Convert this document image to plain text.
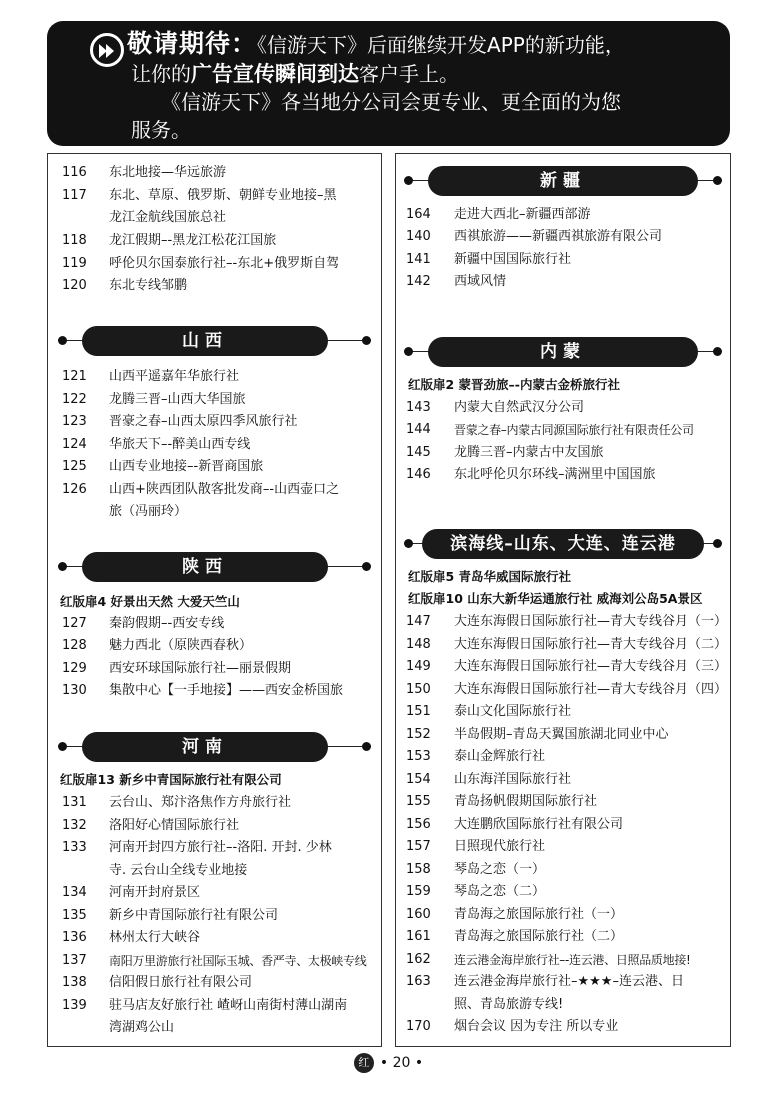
敬请期待：《信游天下》后面继续开发APP的新功能，
让你的广告宣传瞬间到达客户手上。
《信游天下》各当地分公司会更专业、更全面的为您
服务。
116	东北地接—华远旅游
117	东北、草原、俄罗斯、朝鲜专业地接–黑
龙江金航线国旅总社
118	龙江假期–-黑龙江松花江国旅
119	呼伦贝尔国泰旅行社–-东北+俄罗斯自驾
120	东北专线邹鹏
山西
121	山西平遥嘉年华旅行社
122	龙腾三晋–山西大华国旅
123	晋豪之春–山西太原四季风旅行社
124	华旅天下–-醉美山西专线
125	山西专业地接–-新晋商国旅
126	山西+陕西团队散客批发商–-山西壶口之
旅（冯丽玲）
陕西
红版扉4 好景出天然 大爱天竺山
127	秦韵假期–-西安专线
128	魅力西北（原陕西春秋）
129	西安环球国际旅行社—丽景假期
130	集散中心【一手地接】——西安金桥国旅
河南
红版扉13 新乡中青国际旅行社有限公司
131	云台山、郑汴洛焦作方舟旅行社
132	洛阳好心情国际旅行社
133	河南开封四方旅行社–-洛阳. 开封. 少林
寺. 云台山全线专业地接
134	河南开封府景区
135	新乡中青国际旅行社有限公司
136	林州太行大峡谷
137	南阳万里游旅行社国际玉城、香严寺、太极峡专线
138	信阳假日旅行社有限公司
139	驻马店友好旅行社 嵖岈山南街村薄山湖南
湾湖鸡公山
新疆
164	走进大西北–新疆西部游
140	西祺旅游——新疆西祺旅游有限公司
141	新疆中国国际旅行社
142	西域风情
内蒙
红版扉2 蒙晋劲旅–-内蒙古金桥旅行社
143	内蒙大自然武汉分公司
144	晋蒙之春–内蒙古同源国际旅行社有限责任公司
145	龙腾三晋–内蒙古中友国旅
146	东北呼伦贝尔环线–满洲里中国国旅
滨海线–山东、大连、连云港
红版扉5 青岛华威国际旅行社
红版扉10 山东大新华运通旅行社 威海刘公岛5A景区
147	大连东海假日国际旅行社—青大专线谷月（一）
148	大连东海假日国际旅行社—青大专线谷月（二）
149	大连东海假日国际旅行社—青大专线谷月（三）
150	大连东海假日国际旅行社—青大专线谷月（四）
151	泰山文化国际旅行社
152	半岛假期–青岛天翼国旅湖北同业中心
153	泰山金辉旅行社
154	山东海洋国际旅行社
155	青岛扬帆假期国际旅行社
156	大连鹏欣国际旅行社有限公司
157	日照现代旅行社
158	琴岛之恋（一）
159	琴岛之恋（二）
160	青岛海之旅国际旅行社（一）
161	青岛海之旅国际旅行社（二）
162	连云港金海岸旅行社–-连云港、日照品质地接!
163	连云港金海岸旅行社–★★★–连云港、日
照、青岛旅游专线!
170	烟台会议 因为专注 所以专业
红 • 20 •
